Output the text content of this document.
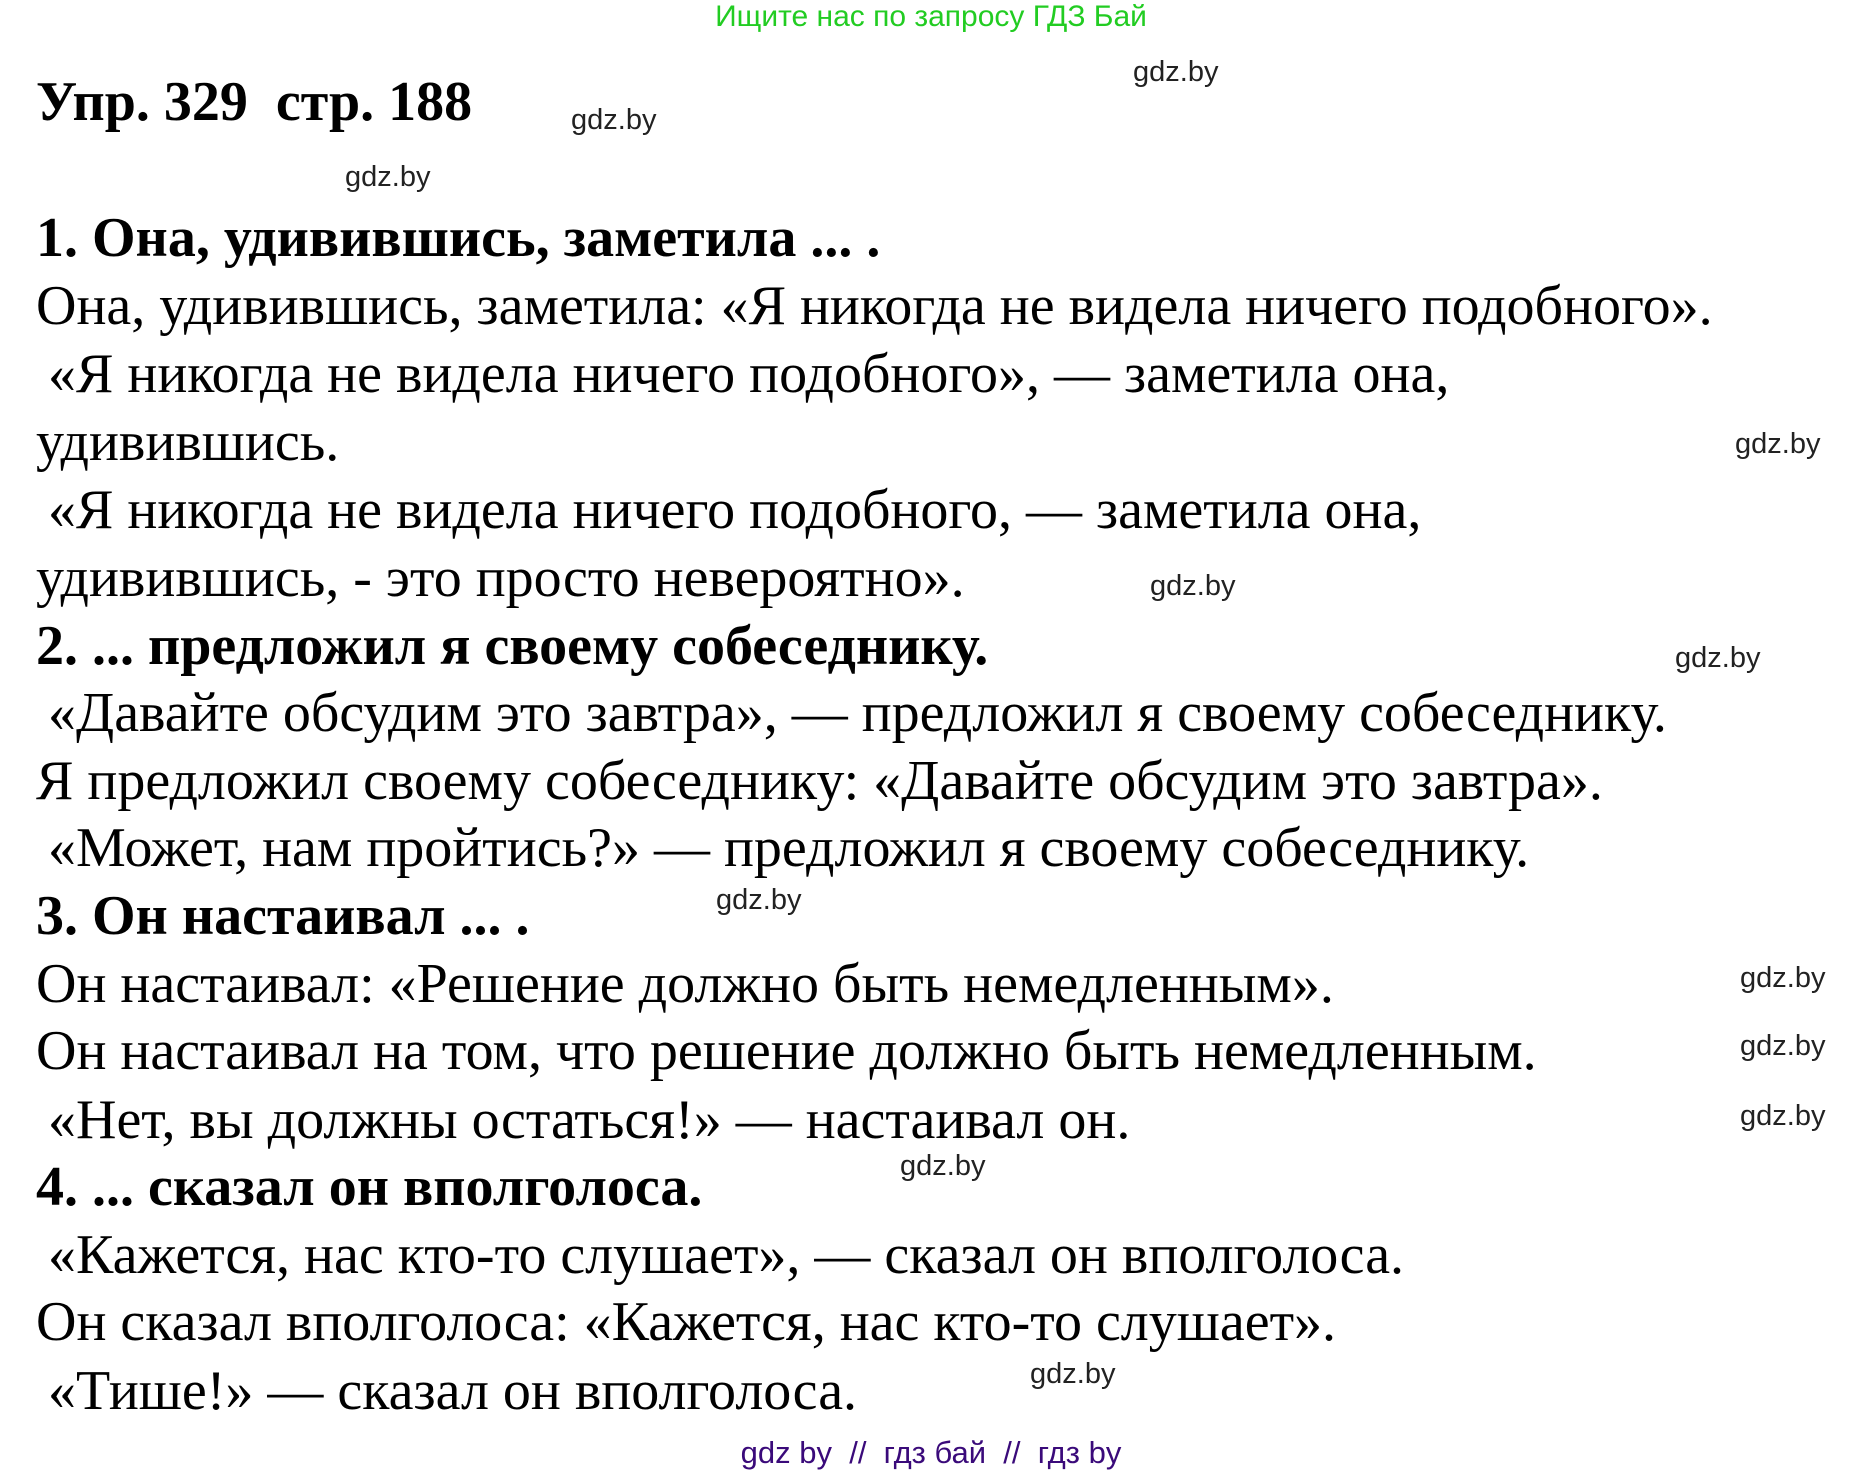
Ищите нас по запросу ГДЗ Бай
Упр. 329  стр. 188
1. Она, удивившись, заметила ... .
Она, удивившись, заметила: «Я никогда не видела ничего подобного».
«Я никогда не видела ничего подобного», — заметила она,
удивившись.
«Я никогда не видела ничего подобного, — заметила она,
удивившись, - это просто невероятно».
2. ... предложил я своему собеседнику.
«Давайте обсудим это завтра», — предложил я своему собеседнику.
Я предложил своему собеседнику: «Давайте обсудим это завтра».
«Может, нам пройтись?» — предложил я своему собеседнику.
3. Он настаивал ... .
Он настаивал: «Решение должно быть немедленным».
Он настаивал на том, что решение должно быть немедленным.
«Нет, вы должны остаться!» — настаивал он.
4. ... сказал он вполголоса.
«Кажется, нас кто-то слушает», — сказал он вполголоса.
Он сказал вполголоса: «Кажется, нас кто-то слушает».
«Тише!» — сказал он вполголоса.
gdz.by
gdz.by
gdz.by
gdz.by
gdz.by
gdz.by
gdz.by
gdz.by
gdz.by
gdz.by
gdz.by
gdz.by
gdz by  //  гдз бай  //  гдз by
